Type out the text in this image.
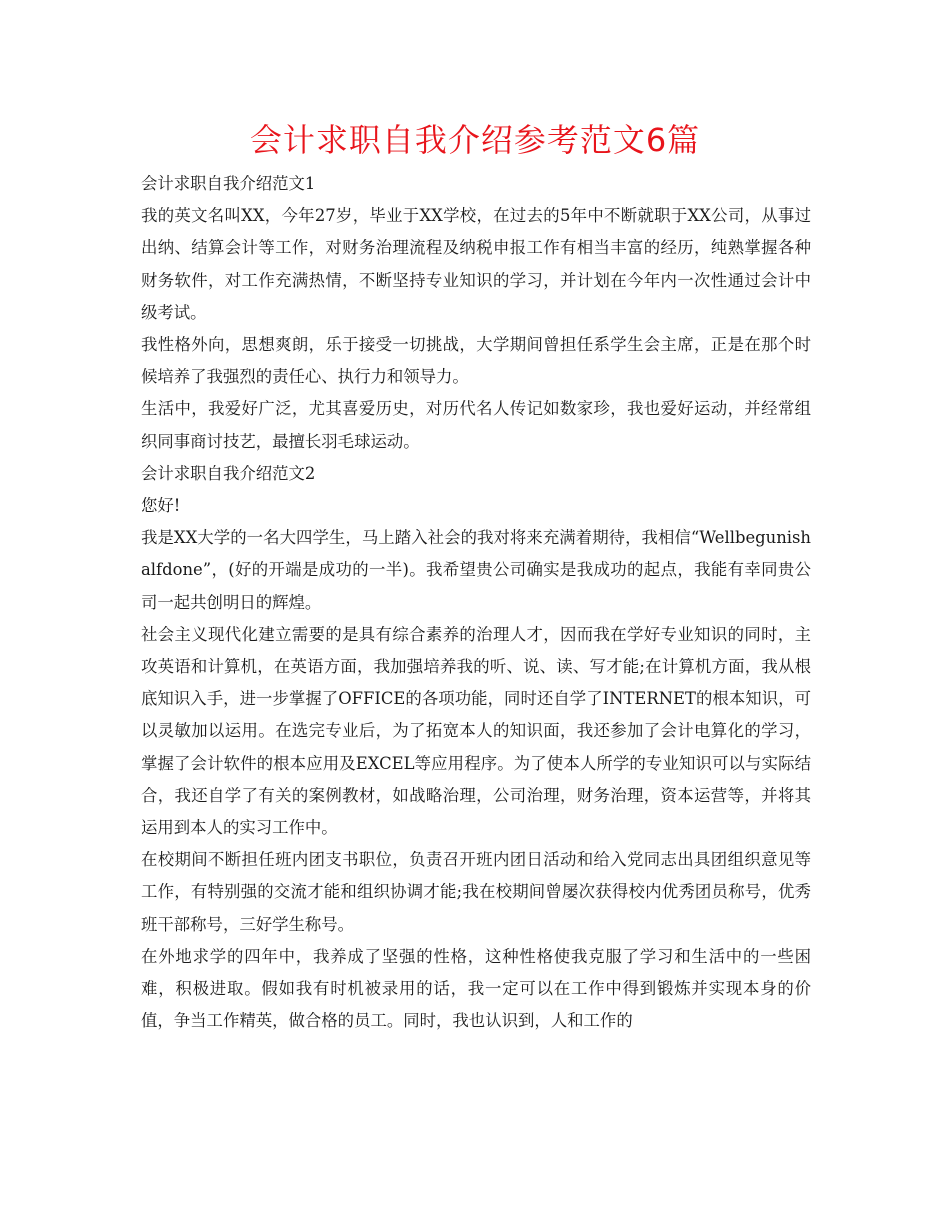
会计求职自我介绍参考范文6篇

会计求职自我介绍范文1

我的英文名叫XX，今年27岁，毕业于XX学校，在过去的5年中不断就职于XX公司，从事过出纳、结算会计等工作，对财务治理流程及纳税申报工作有相当丰富的经历，纯熟掌握各种财务软件，对工作充满热情，不断坚持专业知识的学习，并计划在今年内一次性通过会计中级考试。

我性格外向，思想爽朗，乐于接受一切挑战，大学期间曾担任系学生会主席，正是在那个时候培养了我强烈的责任心、执行力和领导力。

生活中，我爱好广泛，尤其喜爱历史，对历代名人传记如数家珍，我也爱好运动，并经常组织同事商讨技艺，最擅长羽毛球运动。

会计求职自我介绍范文2

您好!

我是XX大学的一名大四学生，马上踏入社会的我对将来充满着期待，我相信“Wellbegunishalfdone”，(好的开端是成功的一半)。我希望贵公司确实是我成功的起点，我能有幸同贵公司一起共创明日的辉煌。

社会主义现代化建立需要的是具有综合素养的治理人才，因而我在学好专业知识的同时，主攻英语和计算机，在英语方面，我加强培养我的听、说、读、写才能;在计算机方面，我从根底知识入手，进一步掌握了OFFICE的各项功能，同时还自学了INTERNET的根本知识，可以灵敏加以运用。在选完专业后，为了拓宽本人的知识面，我还参加了会计电算化的学习，掌握了会计软件的根本应用及EXCEL等应用程序。为了使本人所学的专业知识可以与实际结合，我还自学了有关的案例教材，如战略治理，公司治理，财务治理，资本运营等，并将其运用到本人的实习工作中。

在校期间不断担任班内团支书职位，负责召开班内团日活动和给入党同志出具团组织意见等工作，有特别强的交流才能和组织协调才能;我在校期间曾屡次获得校内优秀团员称号，优秀班干部称号，三好学生称号。

在外地求学的四年中，我养成了坚强的性格，这种性格使我克服了学习和生活中的一些困难，积极进取。假如我有时机被录用的话，我一定可以在工作中得到锻炼并实现本身的价值，争当工作精英，做合格的员工。同时，我也认识到，人和工作的
